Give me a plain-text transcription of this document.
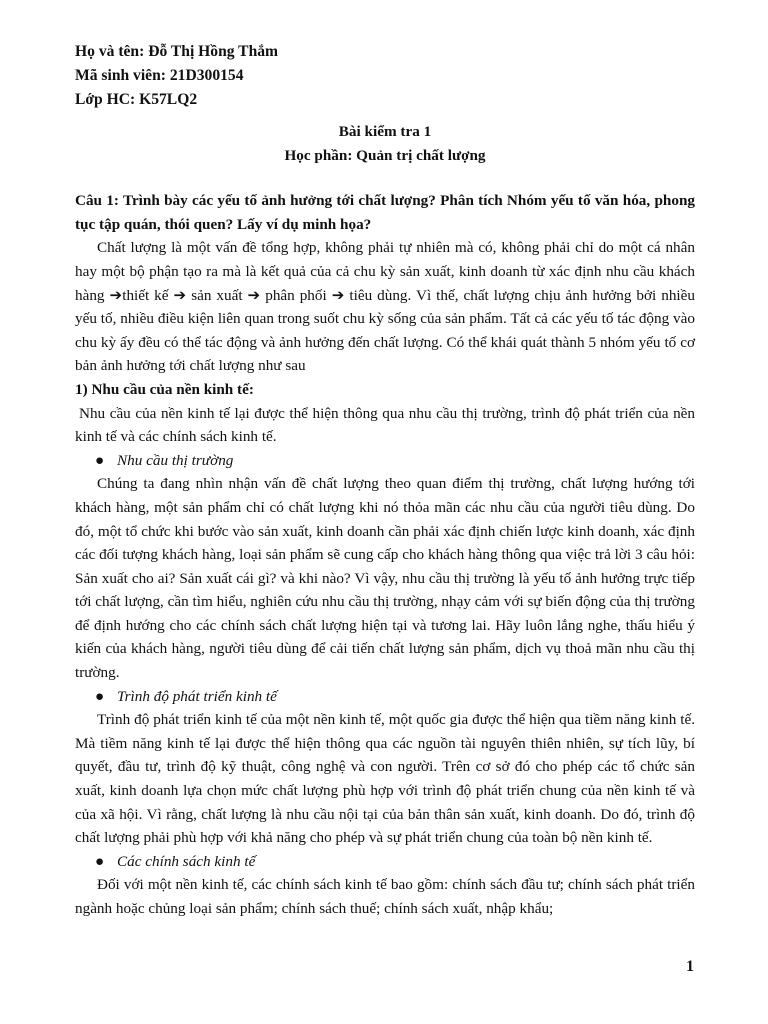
Họ và tên: Đỗ Thị Hồng Thắm

Mã sinh viên: 21D300154

Lớp HC: K57LQ2

Bài kiểm tra 1

Học phần: Quản trị chất lượng

Câu 1: Trình bày các yếu tố ảnh hưởng tới chất lượng? Phân tích Nhóm yếu tố văn hóa, phong tục tập quán, thói quen? Lấy ví dụ minh họa?

Chất lượng là một vấn đề tổng hợp, không phải tự nhiên mà có, không phải chỉ do một cá nhân hay một bộ phận tạo ra mà là kết quả của cả chu kỳ sản xuất, kinh doanh từ xác định nhu cầu khách hàng ➔thiết kế ➔ sản xuất ➔ phân phối ➔ tiêu dùng. Vì thế, chất lượng chịu ảnh hưởng bởi nhiều yếu tố, nhiều điều kiện liên quan trong suốt chu kỳ sống của sản phẩm. Tất cả các yếu tố tác động vào chu kỳ ấy đều có thể tác động và ảnh hưởng đến chất lượng. Có thể khái quát thành 5 nhóm yếu tố cơ bản ảnh hưởng tới chất lượng như sau

1) Nhu cầu của nền kinh tế:

Nhu cầu của nền kinh tế lại được thể hiện thông qua nhu cầu thị trường, trình độ phát triển của nền kinh tế và các chính sách kinh tế.

● Nhu cầu thị trường

Chúng ta đang nhìn nhận vấn đề chất lượng theo quan điểm thị trường, chất lượng hướng tới khách hàng, một sản phẩm chỉ có chất lượng khi nó thỏa mãn các nhu cầu của người tiêu dùng. Do đó, một tổ chức khi bước vào sản xuất, kinh doanh cần phải xác định chiến lược kinh doanh, xác định các đối tượng khách hàng, loại sản phẩm sẽ cung cấp cho khách hàng thông qua việc trả lời 3 câu hỏi: Sản xuất cho ai? Sản xuất cái gì? và khi nào? Vì vậy, nhu cầu thị trường là yếu tố ảnh hưởng trực tiếp tới chất lượng, cần tìm hiểu, nghiên cứu nhu cầu thị trường, nhạy cảm với sự biến động của thị trường để định hướng cho các chính sách chất lượng hiện tại và tương lai. Hãy luôn lắng nghe, thấu hiểu ý kiến của khách hàng, người tiêu dùng để cải tiến chất lượng sản phẩm, dịch vụ thoả mãn nhu cầu thị trường.

● Trình độ phát triển kinh tế

Trình độ phát triển kinh tế của một nền kinh tế, một quốc gia được thể hiện qua tiềm năng kinh tế. Mà tiềm năng kinh tế lại được thể hiện thông qua các nguồn tài nguyên thiên nhiên, sự tích lũy, bí quyết, đầu tư, trình độ kỹ thuật, công nghệ và con người. Trên cơ sở đó cho phép các tổ chức sản xuất, kinh doanh lựa chọn mức chất lượng phù hợp với trình độ phát triển chung của nền kinh tế và của xã hội. Vì rằng, chất lượng là nhu cầu nội tại của bản thân sản xuất, kinh doanh. Do đó, trình độ chất lượng phải phù hợp với khả năng cho phép và sự phát triển chung của toàn bộ nền kinh tế.

● Các chính sách kinh tế

Đối với một nền kinh tế, các chính sách kinh tế bao gồm: chính sách đầu tư; chính sách phát triển ngành hoặc chủng loại sản phẩm; chính sách thuế; chính sách xuất, nhập khẩu;

1
